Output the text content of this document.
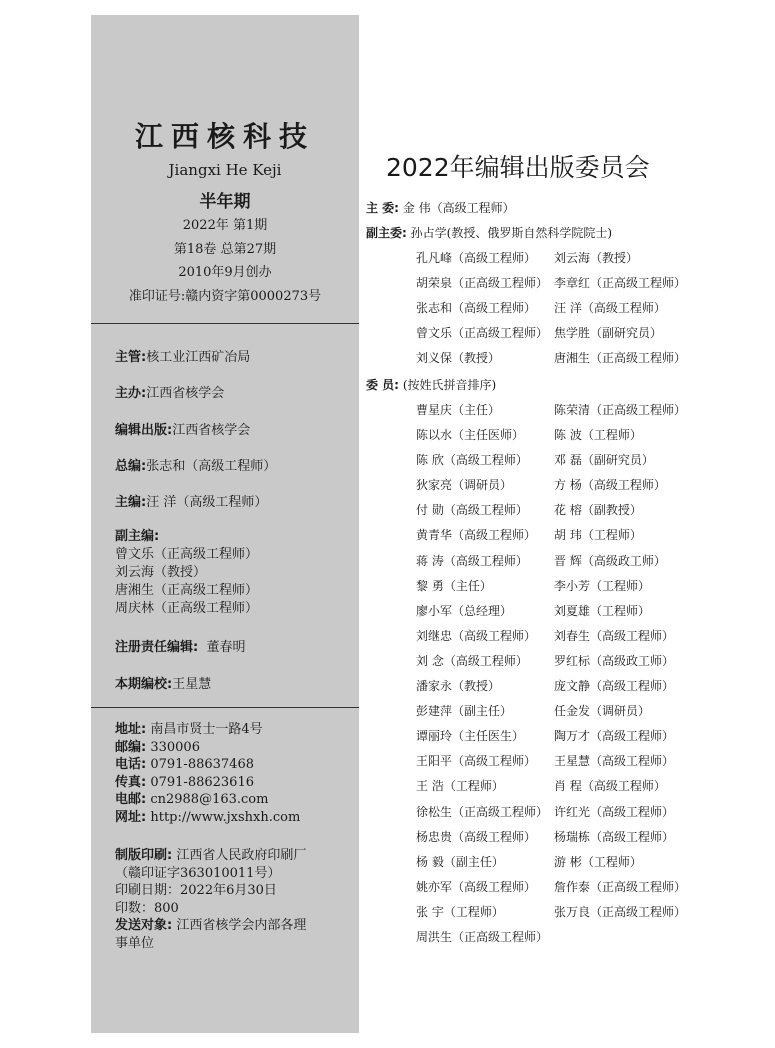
江西核科技
Jiangxi He Keji
半年期
2022年 第1期
第18卷 总第27期
2010年9月创办
准印证号:赣内资字第0000273号
主管:核工业江西矿冶局
主办:江西省核学会
编辑出版:江西省核学会
总编:张志和（高级工程师）
主编:汪 洋（高级工程师）
副主编:
曾文乐（正高级工程师）
刘云海（教授）
唐湘生（正高级工程师）
周庆林（正高级工程师）
注册责任编辑: 董春明
本期编校:王星慧
地址: 南昌市贤士一路4号
邮编: 330006
电话: 0791-88637468
传真: 0791-88623616
电邮: cn2988@163.com
网址: http://www.jxshxh.com
制版印刷: 江西省人民政府印刷厂
（赣印证字363010011号）
印刷日期：2022年6月30日
印数：800
发送对象: 江西省核学会内部各理
事单位
2022年编辑出版委员会
主 委: 金 伟（高级工程师）
副主委: 孙占学(教授、俄罗斯自然科学院院士)
孔凡峰（高级工程师） 刘云海（教授）
胡荣泉（正高级工程师） 李章红（正高级工程师）
张志和（高级工程师） 汪 洋（高级工程师）
曾文乐（正高级工程师） 焦学胜（副研究员）
刘义保（教授）	唐湘生（正高级工程师）
委 员: (按姓氏拼音排序)
曹星庆（主任）	陈荣清（正高级工程师）
陈以水（主任医师） 陈 波（工程师）
陈 欣（高级工程师） 邓 磊（副研究员）
狄家亮（调研员）	方 杨（高级工程师）
付 勋（高级工程师） 花 榕（副教授）
黄青华（高级工程师） 胡 玮（工程师）
蒋 涛（高级工程师） 晋 辉（高级政工师）
黎 勇（主任）	李小芳（工程师）
廖小军（总经理）	刘夏雄（工程师）
刘继忠（高级工程师） 刘春生（高级工程师）
刘 念（高级工程师） 罗红标（高级政工师）
潘家永（教授）	庞文静（高级工程师）
彭建萍（副主任）	任金发（调研员）
谭丽玲（主任医生） 陶万才（高级工程师）
王阳平（高级工程师） 王星慧（高级工程师）
王 浩（工程师）	肖 程（高级工程师）
徐松生（正高级工程师） 许红光（高级工程师）
杨忠贵（高级工程师） 杨瑞栋（高级工程师）
杨 毅（副主任）	游 彬（工程师）
姚亦军（高级工程师） 詹作泰（正高级工程师）
张 宇（工程师）	张万良（正高级工程师）
周洪生（正高级工程师）
